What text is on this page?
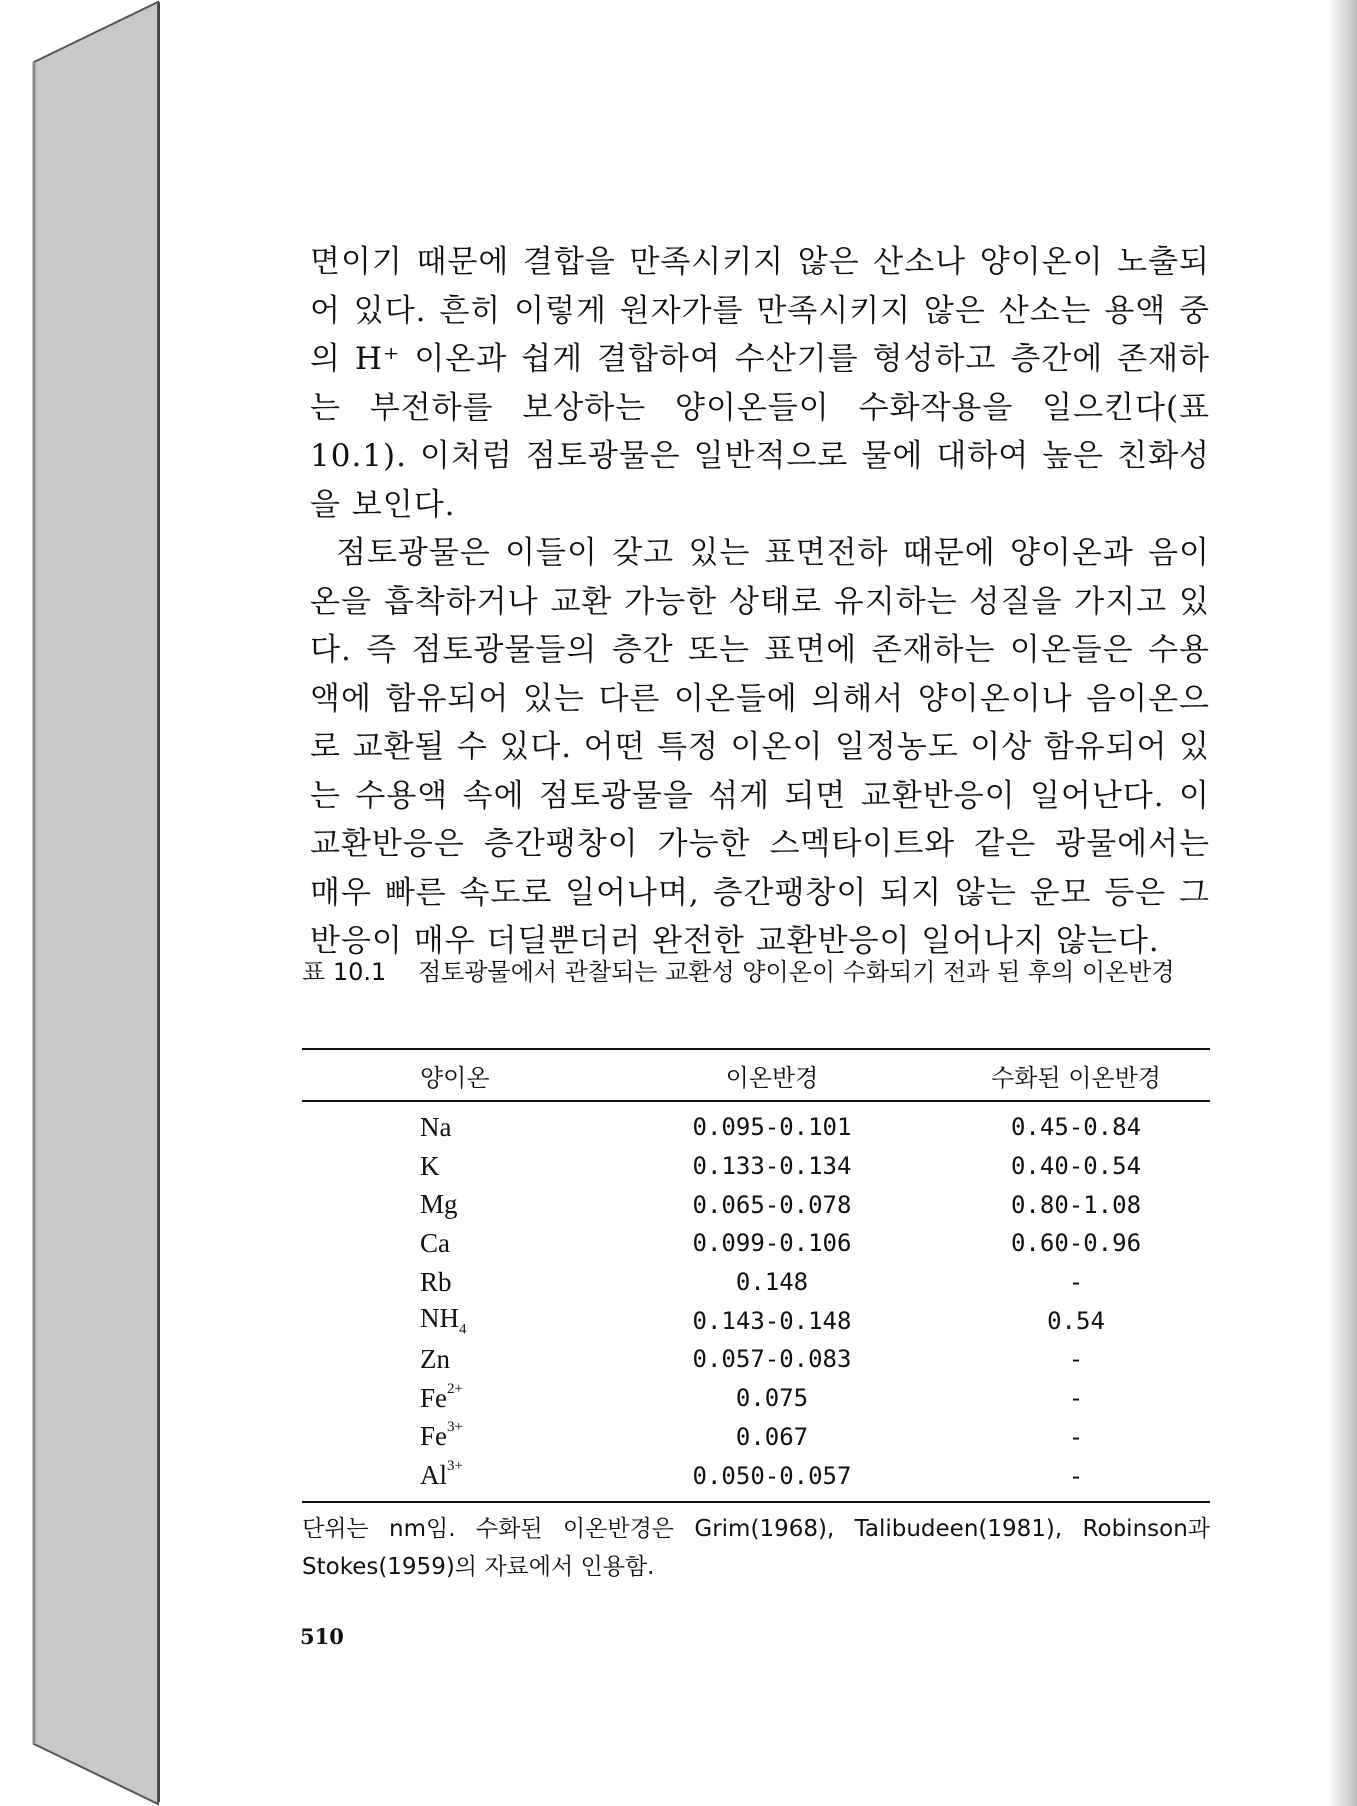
면이기 때문에 결합을 만족시키지 않은 산소나 양이온이 노출되어 있다. 흔히 이렇게 원자가를 만족시키지 않은 산소는 용액 중의 H⁺ 이온과 쉽게 결합하여 수산기를 형성하고 층간에 존재하는 부전하를 보상하는 양이온들이 수화작용을 일으킨다(표 10.1). 이처럼 점토광물은 일반적으로 물에 대하여 높은 친화성을 보인다.

점토광물은 이들이 갖고 있는 표면전하 때문에 양이온과 음이온을 흡착하거나 교환 가능한 상태로 유지하는 성질을 가지고 있다. 즉 점토광물들의 층간 또는 표면에 존재하는 이온들은 수용액에 함유되어 있는 다른 이온들에 의해서 양이온이나 음이온으로 교환될 수 있다. 어떤 특정 이온이 일정농도 이상 함유되어 있는 수용액 속에 점토광물을 섞게 되면 교환반응이 일어난다. 이 교환반응은 층간팽창이 가능한 스멕타이트와 같은 광물에서는 매우 빠른 속도로 일어나며, 층간팽창이 되지 않는 운모 등은 그 반응이 매우 더딜뿐더러 완전한 교환반응이 일어나지 않는다.

표 10.1	점토광물에서 관찰되는 교환성 양이온이 수화되기 전과 된 후의 이온반경
양이온	이온반경	수화된 이온반경
Na	0.095-0.101	0.45-0.84
K	0.133-0.134	0.40-0.54
Mg	0.065-0.078	0.80-1.08
Ca	0.099-0.106	0.60-0.96
Rb	0.148	-
$NH_4$	0.143-0.148	0.54
Zn	0.057-0.083	-
$Fe^{2+}$	0.075	-
$Fe^{3+}$	0.067	-
$Al^{3+}$	0.050-0.057	-
단위는 nm임. 수화된 이온반경은 Grim(1968), Talibudeen(1981), Robinson과 Stokes(1959)의 자료에서 인용함.
510
